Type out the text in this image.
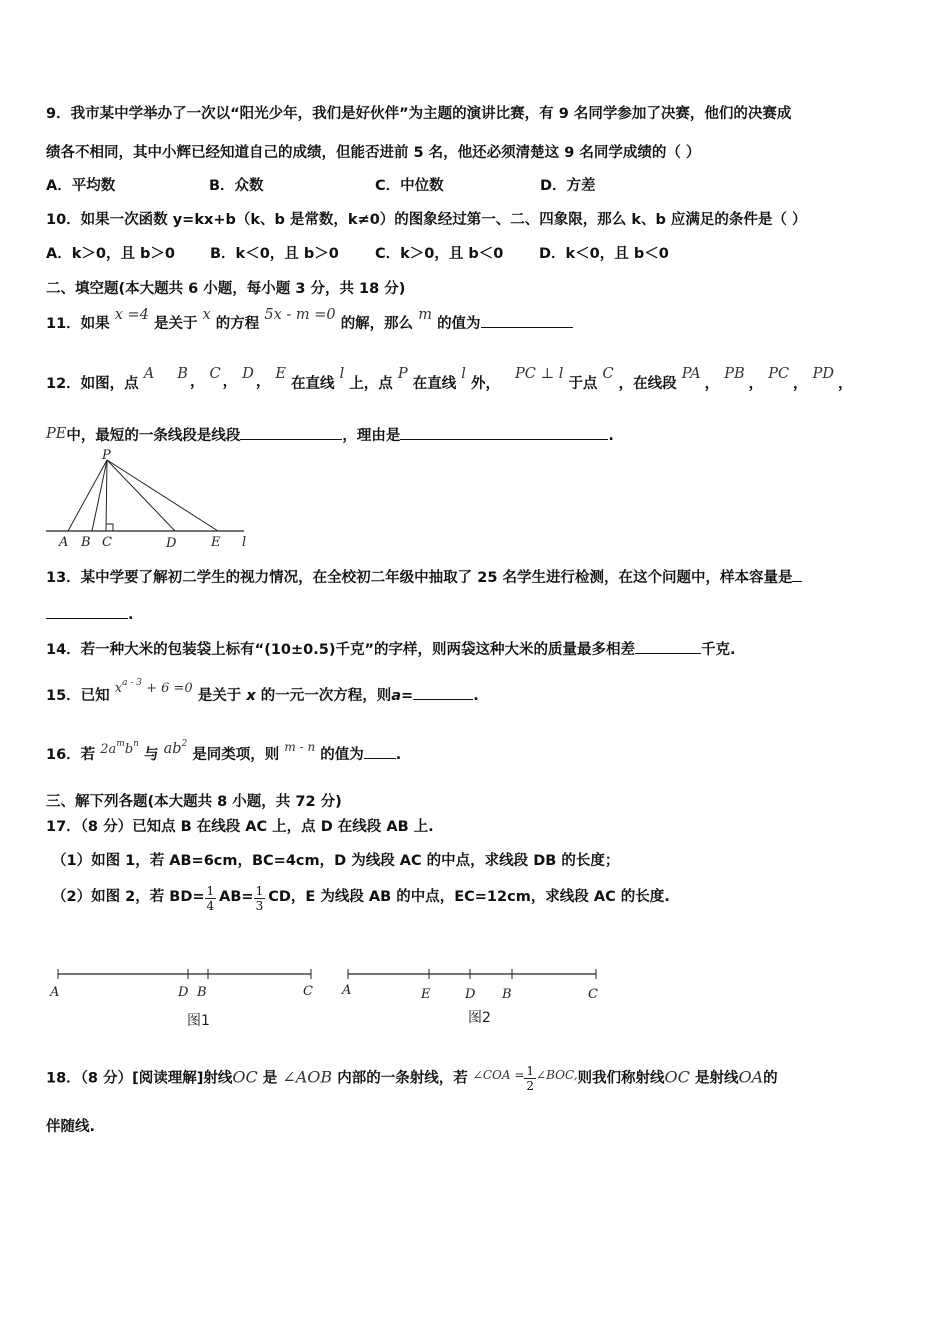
9．我市某中学举办了一次以“阳光少年，我们是好伙伴”为主题的演讲比赛，有 9 名同学参加了决赛，他们的决赛成
绩各不相同，其中小辉已经知道自己的成绩，但能否进前 5 名，他还必须清楚这 9 名同学成绩的（ ）
A．平均数	B．众数	C．中位数	D．方差
10．如果一次函数 y=kx+b（k、b 是常数，k≠0）的图象经过第一、二、四象限，那么 k、b 应满足的条件是（ ）
A．k＞0，且 b＞0 B．k＜0，且 b＞0 C．k＞0，且 b＜0 D．k＜0，且 b＜0
二、填空题(本大题共 6 小题，每小题 3 分，共 18 分)
11．如果 x =4 是关于 x 的方程 5x - m =0 的解，那么 m 的值为
12．如图，点 A B ， C ， D ， E 在直线 l 上，点 P 在直线 l 外， PC ⊥ l 于点 C ，在线段 PA， PB， PC， PD，
PE中，最短的一条线段是线段	，理由是	.
P
A B C	D	E l
13．某中学要了解初二学生的视力情况，在全校初二年级中抽取了 25 名学生进行检测，在这个问题中，样本容量是
.
14．若一种大米的包装袋上标有“(10±0.5)千克”的字样，则两袋这种大米的质量最多相差	千克.
15．已知 $x^{a - 3} + 6 =0$ 是关于 x 的一元一次方程，则a=	.
16．若 $2a^mb^n$ 与 $ab^2$ 是同类项，则 $^{m - n}$ 的值为 .
三、解下列各题(本大题共 8 小题，共 72 分)
17．（8 分）已知点 B 在线段 AC 上，点 D 在线段 AB 上.
（1）如图 1，若 AB=6cm，BC=4cm，D 为线段 AC 的中点，求线段 DB 的长度；
（2）如图 2，若 $BD= \frac{1}{4} AB= \frac{1}{3}$ CD，E 为线段 AB 的中点，EC=12cm，求线段 AC 的长度.
A	D B	C
图1
A	E	D B	C
图2
18．（8 分）[阅读理解]射线OC 是 ∠AOB 内部的一条射线，若 $^{\angle COA =} \frac{1}{2} ^{\angle BOC,}$则我们称射线OC 是射线OA的
伴随线.
